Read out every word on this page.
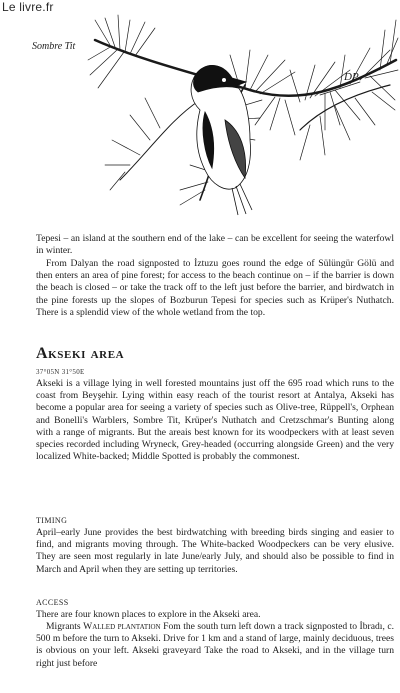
Le livre.fr
DP
Sombre Tit

Tepesi – an island at the southern end of the lake – can be excellent for seeing the waterfowl in winter.

From Dalyan the road signposted to İztuzu goes round the edge of Sülüngür Gölü and then enters an area of pine forest; for access to the beach continue on – if the barrier is down the beach is closed – or take the track off to the left just before the barrier, and birdwatch in the pine forests up the slopes of Bozburun Tepesi for species such as Krüper's Nuthatch. There is a splendid view of the whole wetland from the top.

Akseki area
37°05N 31°50E

Akseki is a village lying in well forested mountains just off the 695 road which runs to the coast from Beyşehir. Lying within easy reach of the tourist resort at Antalya, Akseki has become a popular area for seeing a variety of species such as Olive-tree, Rüppell's, Orphean and Bonelli's Warblers, Sombre Tit, Krüper's Nuthatch and Cretzschmar's Bunting along with a range of migrants. But the areais best known for its woodpeckers with at least seven species recorded including Wryneck, Grey-headed (occurring alongside Green) and the very localized White-backed; Middle Spotted is probably the commonest.

TIMING

April–early June provides the best birdwatching with breeding birds singing and easier to find, and migrants moving through. The White-backed Woodpeckers can be very elusive. They are seen most regularly in late June/early July, and should also be possible to find in March and April when they are setting up territories.

ACCESS

There are four known places to explore in the Akseki area.

Migrants Walled plantation Fom the south turn left down a track signposted to İbradı, c. 500 m before the turn to Akseki. Drive for 1 km and a stand of large, mainly deciduous, trees is obvious on your left. Akseki graveyard Take the road to Akseki, and in the village turn right just before
